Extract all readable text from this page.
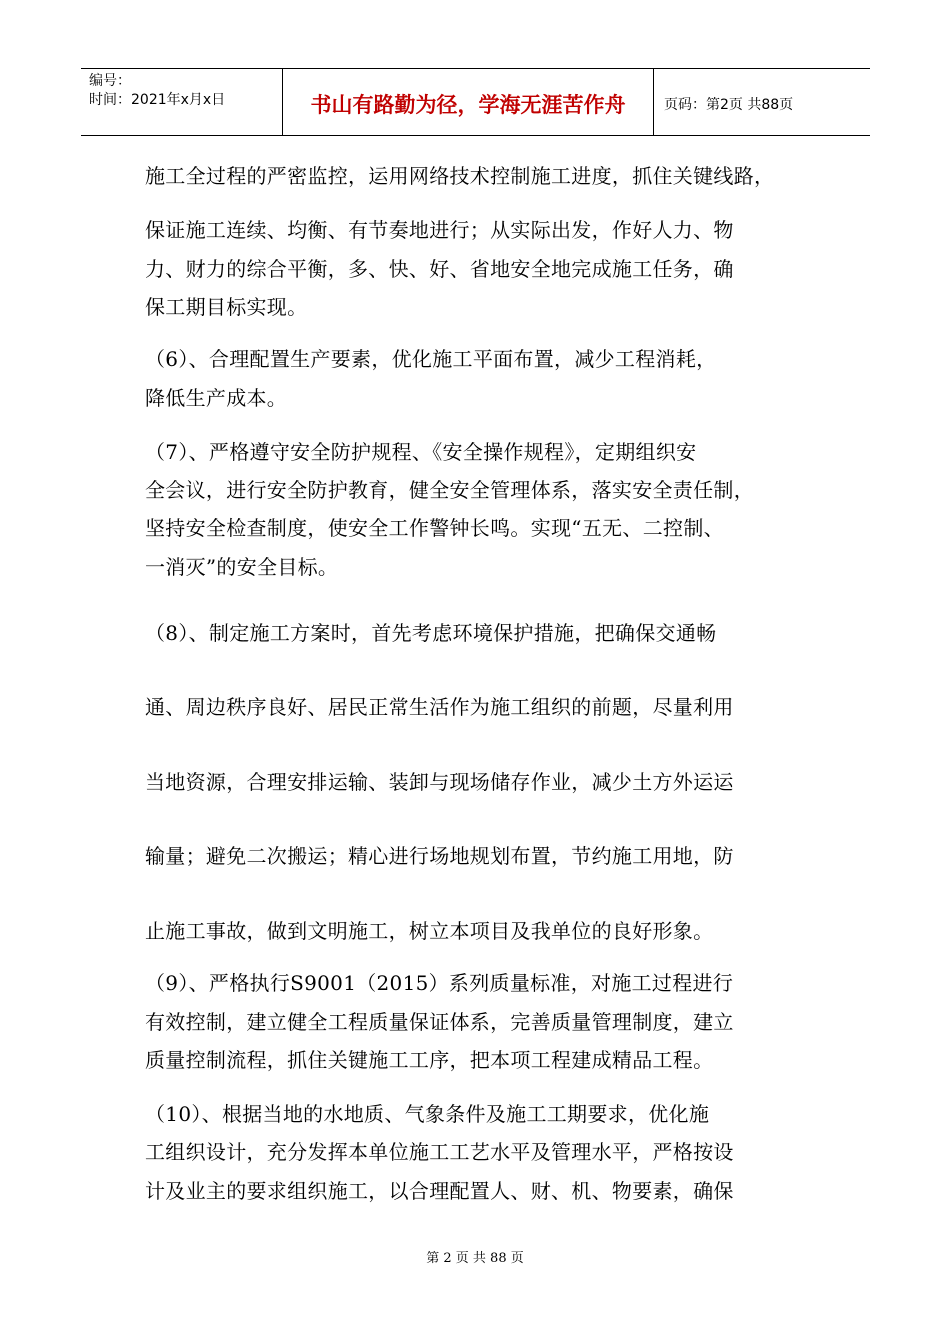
编号：
时间：2021年x月x日	书山有路勤为径，学海无涯苦作舟	页码：第2页 共88页
施工全过程的严密监控，运用网络技术控制施工进度，抓住关键线路，
保证施工连续、均衡、有节奏地进行；从实际出发，作好人力、物
力、财力的综合平衡，多、快、好、省地安全地完成施工任务，确
保工期目标实现。
（6）、合理配置生产要素，优化施工平面布置，减少工程消耗，
降低生产成本。
（7）、严格遵守安全防护规程、《安全操作规程》，定期组织安
全会议，进行安全防护教育，健全安全管理体系，落实安全责任制，
坚持安全检查制度，使安全工作警钟长鸣。实现“五无、二控制、
一消灭”的安全目标。
（8）、制定施工方案时，首先考虑环境保护措施，把确保交通畅
通、周边秩序良好、居民正常生活作为施工组织的前题，尽量利用
当地资源，合理安排运输、装卸与现场储存作业，减少土方外运运
输量；避免二次搬运；精心进行场地规划布置，节约施工用地，防
止施工事故，做到文明施工，树立本项目及我单位的良好形象。
（9）、严格执行S9001（2015）系列质量标准，对施工过程进行
有效控制，建立健全工程质量保证体系，完善质量管理制度，建立
质量控制流程，抓住关键施工工序，把本项工程建成精品工程。
（10）、根据当地的水地质、气象条件及施工工期要求，优化施
工组织设计，充分发挥本单位施工工艺水平及管理水平，严格按设
计及业主的要求组织施工，以合理配置人、财、机、物要素，确保
第 2 页 共 88 页
